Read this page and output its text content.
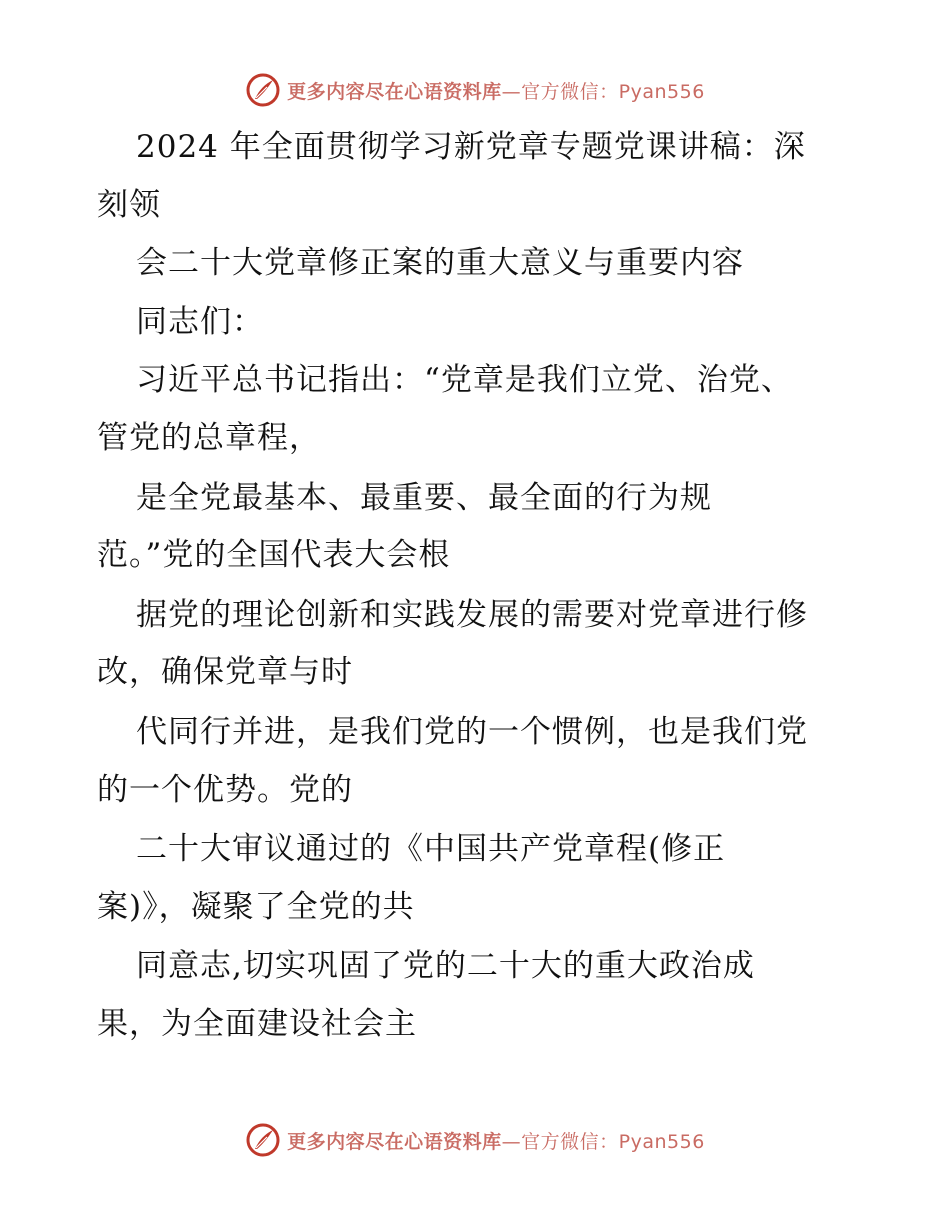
更多内容尽在心语资料库—官方微信：Pyan556
2024 年全面贯彻学习新党章专题党课讲稿：深
刻领
会二十大党章修正案的重大意义与重要内容
同志们：
习近平总书记指出：“党章是我们立党、治党、
管党的总章程，
是全党最基本、最重要、最全面的行为规
范。”党的全国代表大会根
据党的理论创新和实践发展的需要对党章进行修
改，确保党章与时
代同行并进，是我们党的一个惯例，也是我们党
的一个优势。党的
二十大审议通过的《中国共产党章程(修正
案)》，凝聚了全党的共
同意志,切实巩固了党的二十大的重大政治成
果，为全面建设社会主
更多内容尽在心语资料库—官方微信：Pyan556
